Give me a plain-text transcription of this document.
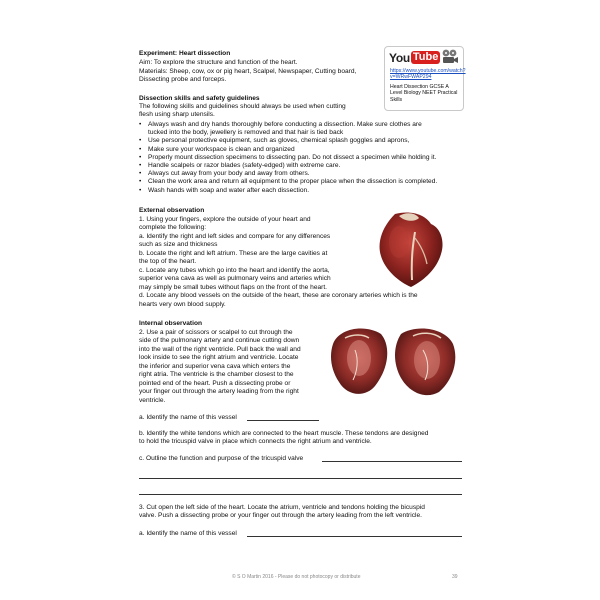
Experiment: Heart dissection
Aim: To explore the structure and function of the heart.
Materials: Sheep, cow, ox or pig heart, Scalpel, Newspaper, Cutting board,
Dissecting probe and forceps.
You Tube
https://www.youtube.com/watch?v=WRwFWAP294
Heart Dissection GCSE A Level Biology NEET Practical Skills
Dissection skills and safety guidelines
The following skills and guidelines should always be used when cutting
flesh using sharp utensils.
• Always wash and dry hands thoroughly before conducting a dissection. Make sure clothes are
tucked into the body, jewellery is removed and that hair is tied back
• Use personal protective equipment, such as gloves, chemical splash goggles and aprons,
• Make sure your workspace is clean and organized
• Properly mount dissection specimens to dissecting pan. Do not dissect a specimen while holding it.
• Handle scalpels or razor blades (safety-edged) with extreme care.
• Always cut away from your body and away from others.
• Clean the work area and return all equipment to the proper place when the dissection is completed.
• Wash hands with soap and water after each dissection.
External observation
1. Using your fingers, explore the outside of your heart and
complete the following:
a. Identify the right and left sides and compare for any differences
such as size and thickness
b. Locate the right and left atrium. These are the large cavities at
the top of the heart.
c. Locate any tubes which go into the heart and identify the aorta,
superior vena cava as well as pulmonary veins and arteries which
may simply be small tubes without flaps on the front of the heart.
d. Locate any blood vessels on the outside of the heart, these are coronary arteries which is the
hearts very own blood supply.
Internal observation
2. Use a pair of scissors or scalpel to cut through the
side of the pulmonary artery and continue cutting down
into the wall of the right ventricle. Pull back the wall and
look inside to see the right atrium and ventricle. Locate
the inferior and superior vena cava which enters the
right atria. The ventricle is the chamber closest to the
pointed end of the heart. Push a dissecting probe or
your finger out through the artery leading from the right
ventricle.
a. Identify the name of this vessel
b. Identify the white tendons which are connected to the heart muscle. These tendons are designed
to hold the tricuspid valve in place which connects the right atrium and ventricle.
c. Outline the function and purpose of the tricuspid valve
3. Cut open the left side of the heart. Locate the atrium, ventricle and tendons holding the bicuspid
valve. Push a dissecting probe or your finger out through the artery leading from the left ventricle.
a. Identify the name of this vessel
© S O Martin 2016 - Please do not photocopy or distribute	39
